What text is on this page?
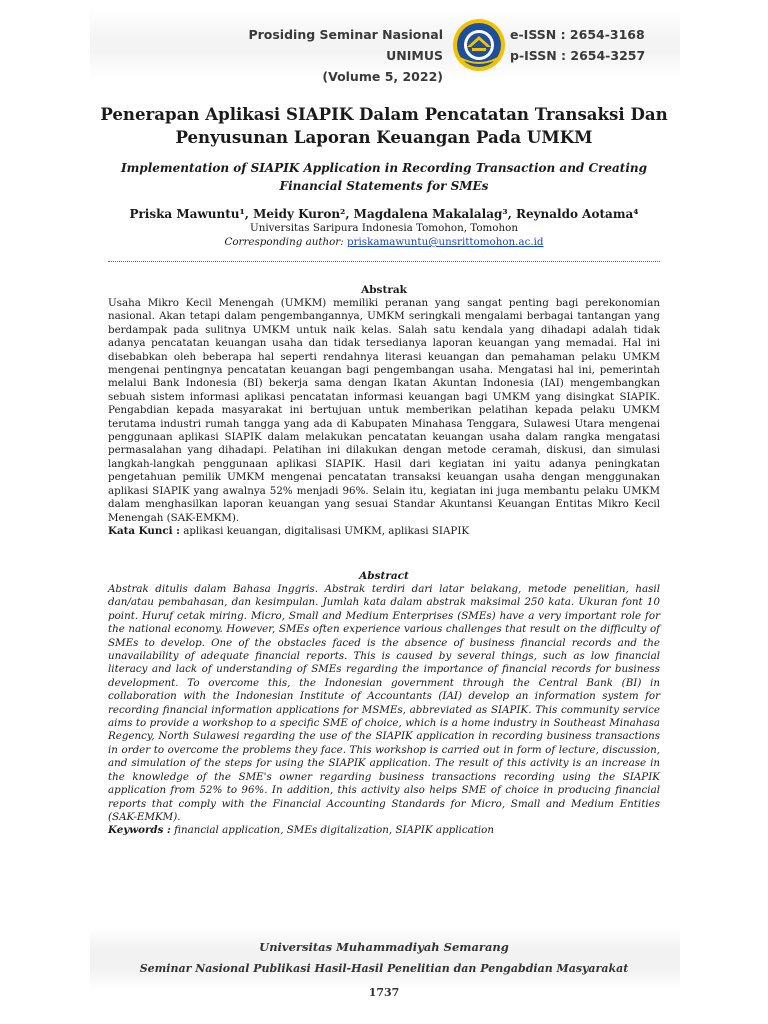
Prosiding Seminar Nasional UNIMUS
(Volume 5, 2022)
e-ISSN : 2654-3168
p-ISSN : 2654-3257
Penerapan Aplikasi SIAPIK Dalam Pencatatan Transaksi Dan
Penyusunan Laporan Keuangan Pada UMKM
Implementation of SIAPIK Application in Recording Transaction and Creating
Financial Statements for SMEs
Priska Mawuntu¹, Meidy Kuron², Magdalena Makalalag³, Reynaldo Aotama⁴
Universitas Saripura Indonesia Tomohon, Tomohon
Corresponding author: priskamawuntu@unsrittomohon.ac.id
Abstrak
Usaha Mikro Kecil Menengah (UMKM) memiliki peranan yang sangat penting bagi perekonomian nasional. Akan tetapi dalam pengembangannya, UMKM seringkali mengalami berbagai tantangan yang berdampak pada sulitnya UMKM untuk naik kelas. Salah satu kendala yang dihadapi adalah tidak adanya pencatatan keuangan usaha dan tidak tersedianya laporan keuangan yang memadai. Hal ini disebabkan oleh beberapa hal seperti rendahnya literasi keuangan dan pemahaman pelaku UMKM mengenai pentingnya pencatatan keuangan bagi pengembangan usaha. Mengatasi hal ini, pemerintah melalui Bank Indonesia (BI) bekerja sama dengan Ikatan Akuntan Indonesia (IAI) mengembangkan sebuah sistem informasi aplikasi pencatatan informasi keuangan bagi UMKM yang disingkat SIAPIK. Pengabdian kepada masyarakat ini bertujuan untuk memberikan pelatihan kepada pelaku UMKM terutama industri rumah tangga yang ada di Kabupaten Minahasa Tenggara, Sulawesi Utara mengenai penggunaan aplikasi SIAPIK dalam melakukan pencatatan keuangan usaha dalam rangka mengatasi permasalahan yang dihadapi. Pelatihan ini dilakukan dengan metode ceramah, diskusi, dan simulasi langkah-langkah penggunaan aplikasi SIAPIK. Hasil dari kegiatan ini yaitu adanya peningkatan pengetahuan pemilik UMKM mengenai pencatatan transaksi keuangan usaha dengan menggunakan aplikasi SIAPIK yang awalnya 52% menjadi 96%. Selain itu, kegiatan ini juga membantu pelaku UMKM dalam menghasilkan laporan keuangan yang sesuai Standar Akuntansi Keuangan Entitas Mikro Kecil Menengah (SAK-EMKM).
Kata Kunci : aplikasi keuangan, digitalisasi UMKM, aplikasi SIAPIK
Abstract
Abstrak ditulis dalam Bahasa Inggris. Abstrak terdiri dari latar belakang, metode penelitian, hasil dan/atau pembahasan, dan kesimpulan. Jumlah kata dalam abstrak maksimal 250 kata. Ukuran font 10 point. Huruf cetak miring. Micro, Small and Medium Enterprises (SMEs) have a very important role for the national economy. However, SMEs often experience various challenges that result on the difficulty of SMEs to develop. One of the obstacles faced is the absence of business financial records and the unavailability of adequate financial reports. This is caused by several things, such as low financial literacy and lack of understanding of SMEs regarding the importance of financial records for business development. To overcome this, the Indonesian government through the Central Bank (BI) in collaboration with the Indonesian Institute of Accountants (IAI) develop an information system for recording financial information applications for MSMEs, abbreviated as SIAPIK. This community service aims to provide a workshop to a specific SME of choice, which is a home industry in Southeast Minahasa Regency, North Sulawesi regarding the use of the SIAPIK application in recording business transactions in order to overcome the problems they face. This workshop is carried out in form of lecture, discussion, and simulation of the steps for using the SIAPIK application. The result of this activity is an increase in the knowledge of the SME's owner regarding business transactions recording using the SIAPIK application from 52% to 96%. In addition, this activity also helps SME of choice in producing financial reports that comply with the Financial Accounting Standards for Micro, Small and Medium Entities (SAK-EMKM).
Keywords : financial application, SMEs digitalization, SIAPIK application
Universitas Muhammadiyah Semarang
Seminar Nasional Publikasi Hasil-Hasil Penelitian dan Pengabdian Masyarakat
1737
